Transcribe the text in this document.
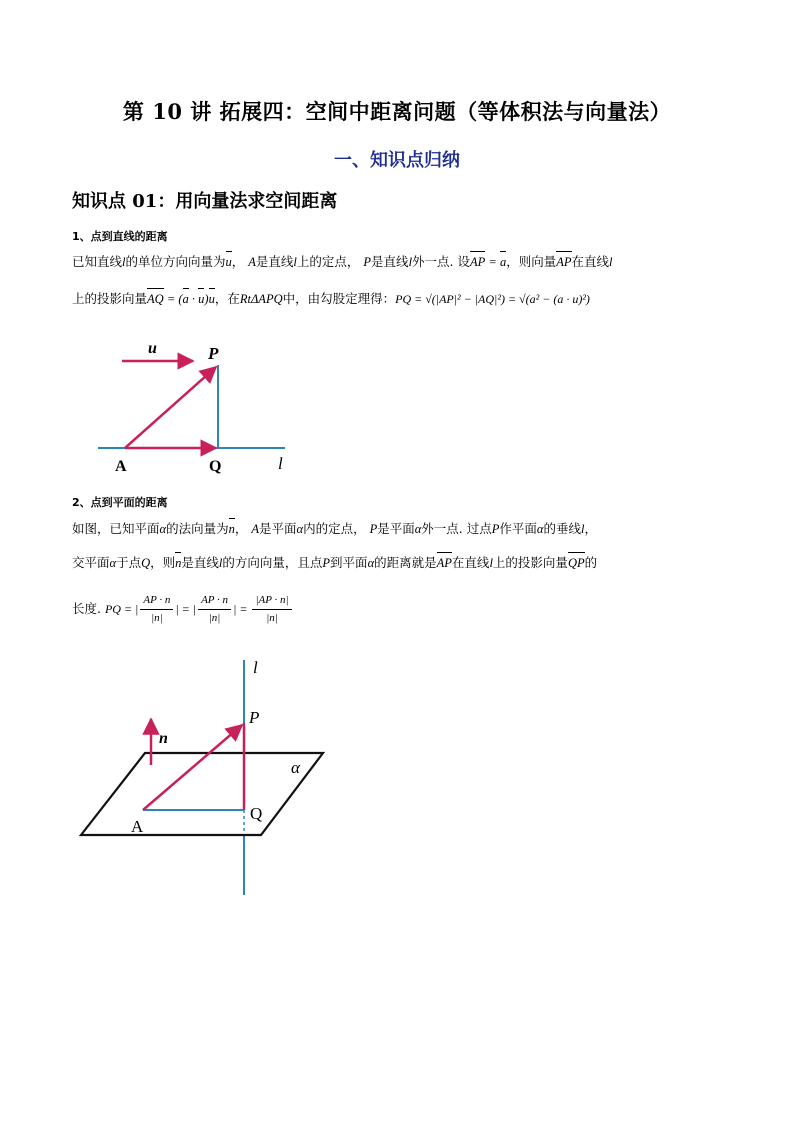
第 10 讲 拓展四：空间中距离问题（等体积法与向量法）
一、知识点归纳
知识点 01：用向量法求空间距离
1、点到直线的距离
已知直线l的单位方向向量为u， A是直线l上的定点， P是直线l外一点. 设AP = a，则向量AP在直线l
上的投影向量AQ = (a · u)u，在RtΔAPQ中，由勾股定理得：PQ = √(|AP|² − |AQ|²) = √(a² − (a · u)²)
u	P
A	Q	l
2、点到平面的距离
如图，已知平面α的法向量为n， A是平面α内的定点， P是平面α外一点. 过点P作平面α的垂线l，
交平面α于点Q，则n是直线l的方向向量，且点P到平面α的距离就是AP在直线l上的投影向量QP的
长度. PQ = | $\frac{AP \cdot n}{|n|}$ | = | $\frac{AP \cdot n}{|n|}$ | = $\frac{|AP \cdot n|}{|n|}$
l
P
n
α
A
Q
